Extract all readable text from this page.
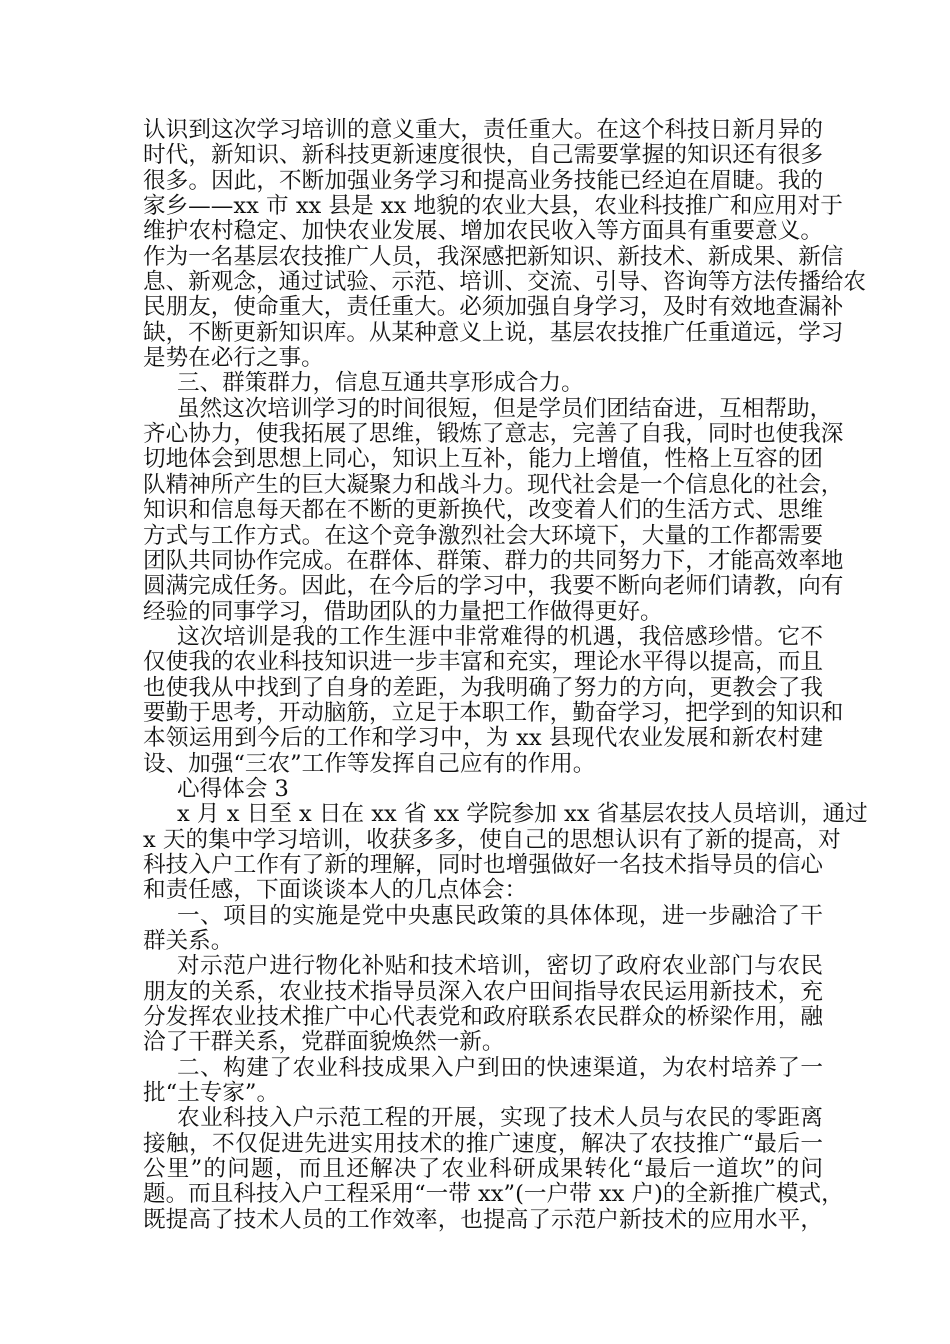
认识到这次学习培训的意义重大，责任重大。在这个科技日新月异的
时代，新知识、新科技更新速度很快，自己需要掌握的知识还有很多
很多。因此，不断加强业务学习和提高业务技能已经迫在眉睫。我的
家乡——xx 市 xx 县是 xx 地貌的农业大县，农业科技推广和应用对于
维护农村稳定、加快农业发展、增加农民收入等方面具有重要意义。
作为一名基层农技推广人员，我深感把新知识、新技术、新成果、新信
息、新观念，通过试验、示范、培训、交流、引导、咨询等方法传播给农
民朋友，使命重大，责任重大。必须加强自身学习，及时有效地查漏补
缺，不断更新知识库。从某种意义上说，基层农技推广任重道远，学习
是势在必行之事。
三、群策群力，信息互通共享形成合力。
虽然这次培训学习的时间很短，但是学员们团结奋进，互相帮助，
齐心协力，使我拓展了思维，锻炼了意志，完善了自我，同时也使我深
切地体会到思想上同心，知识上互补，能力上增值，性格上互容的团
队精神所产生的巨大凝聚力和战斗力。现代社会是一个信息化的社会，
知识和信息每天都在不断的更新换代，改变着人们的生活方式、思维
方式与工作方式。在这个竞争激烈社会大环境下，大量的工作都需要
团队共同协作完成。在群体、群策、群力的共同努力下，才能高效率地
圆满完成任务。因此，在今后的学习中，我要不断向老师们请教，向有
经验的同事学习，借助团队的力量把工作做得更好。
这次培训是我的工作生涯中非常难得的机遇，我倍感珍惜。它不
仅使我的农业科技知识进一步丰富和充实，理论水平得以提高，而且
也使我从中找到了自身的差距，为我明确了努力的方向，更教会了我
要勤于思考，开动脑筋，立足于本职工作，勤奋学习，把学到的知识和
本领运用到今后的工作和学习中，为 xx 县现代农业发展和新农村建
设、加强“三农”工作等发挥自己应有的作用。
心得体会 3
x 月 x 日至 x 日在 xx 省 xx 学院参加 xx 省基层农技人员培训，通过
x 天的集中学习培训，收获多多，使自己的思想认识有了新的提高，对
科技入户工作有了新的理解，同时也增强做好一名技术指导员的信心
和责任感，下面谈谈本人的几点体会：
一、项目的实施是党中央惠民政策的具体体现，进一步融洽了干
群关系。
对示范户进行物化补贴和技术培训，密切了政府农业部门与农民
朋友的关系，农业技术指导员深入农户田间指导农民运用新技术，充
分发挥农业技术推广中心代表党和政府联系农民群众的桥梁作用，融
洽了干群关系，党群面貌焕然一新。
二、构建了农业科技成果入户到田的快速渠道，为农村培养了一
批“土专家”。
农业科技入户示范工程的开展，实现了技术人员与农民的零距离
接触，不仅促进先进实用技术的推广速度，解决了农技推广“最后一
公里”的问题，而且还解决了农业科研成果转化“最后一道坎”的问
题。而且科技入户工程采用“一带 xx”(一户带 xx 户)的全新推广模式，
既提高了技术人员的工作效率，也提高了示范户新技术的应用水平，
